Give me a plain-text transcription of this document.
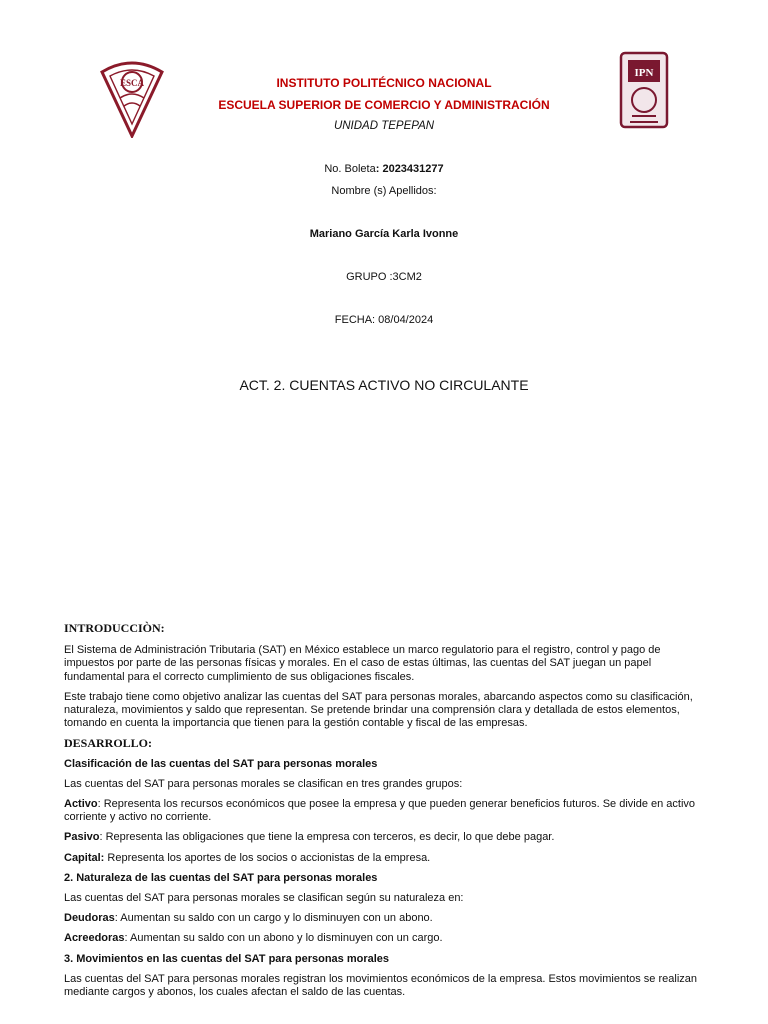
ESCA
IPN
INSTITUTO POLITÉCNICO NACIONAL
ESCUELA SUPERIOR DE COMERCIO Y ADMINISTRACIÓN
UNIDAD TEPEPAN
No. Boleta: 2023431277
Nombre (s) Apellidos:
Mariano García Karla Ivonne
GRUPO :3CM2
FECHA: 08/04/2024
ACT. 2. CUENTAS ACTIVO NO CIRCULANTE

INTRODUCCIÒN:

El Sistema de Administración Tributaria (SAT) en México establece un marco regulatorio para el registro, control y pago de impuestos por parte de las personas físicas y morales. En el caso de estas últimas, las cuentas del SAT juegan un papel fundamental para el correcto cumplimiento de sus obligaciones fiscales.

Este trabajo tiene como objetivo analizar las cuentas del SAT para personas morales, abarcando aspectos como su clasificación, naturaleza, movimientos y saldo que representan. Se pretende brindar una comprensión clara y detallada de estos elementos, tomando en cuenta la importancia que tienen para la gestión contable y fiscal de las empresas.

DESARROLLO:

Clasificación de las cuentas del SAT para personas morales

Las cuentas del SAT para personas morales se clasifican en tres grandes grupos:

Activo: Representa los recursos económicos que posee la empresa y que pueden generar beneficios futuros. Se divide en activo corriente y activo no corriente.

Pasivo: Representa las obligaciones que tiene la empresa con terceros, es decir, lo que debe pagar.

Capital: Representa los aportes de los socios o accionistas de la empresa.

2. Naturaleza de las cuentas del SAT para personas morales

Las cuentas del SAT para personas morales se clasifican según su naturaleza en:

Deudoras: Aumentan su saldo con un cargo y lo disminuyen con un abono.

Acreedoras: Aumentan su saldo con un abono y lo disminuyen con un cargo.

3. Movimientos en las cuentas del SAT para personas morales

Las cuentas del SAT para personas morales registran los movimientos económicos de la empresa. Estos movimientos se realizan mediante cargos y abonos, los cuales afectan el saldo de las cuentas.
